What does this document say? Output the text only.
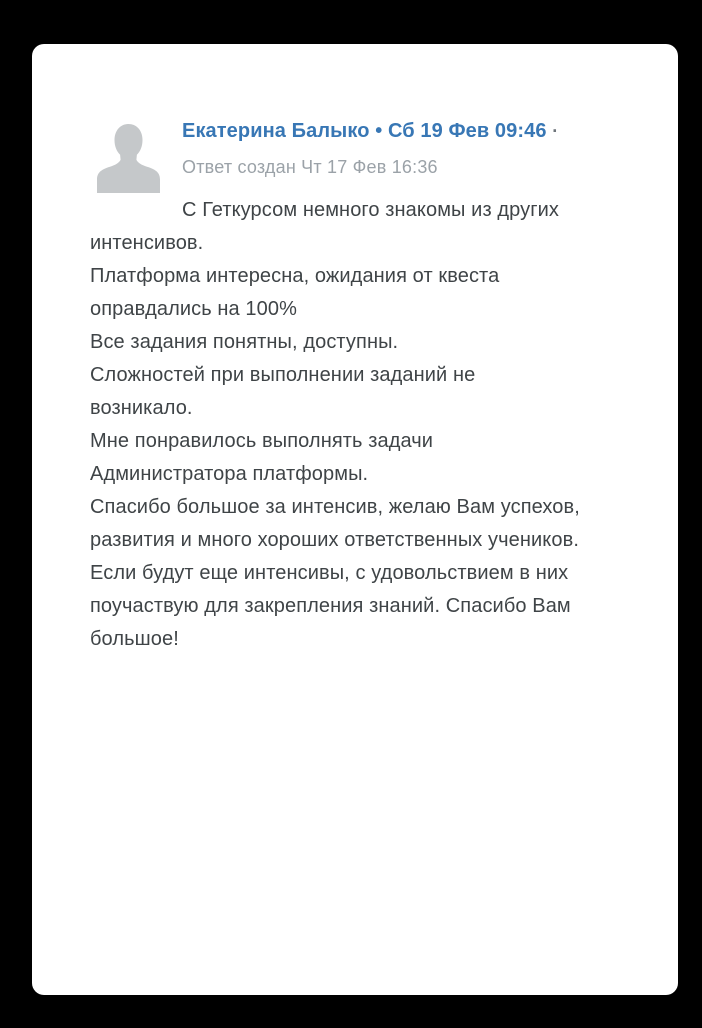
Екатерина Балыко • Сб 19 Фев 09:46 ·
Ответ создан Чт 17 Фев 16:36
С Геткурсом немного знакомы из других
интенсивов.
Платформа интересна, ожидания от квеста
оправдались на 100%
Все задания понятны, доступны.
Сложностей при выполнении заданий не
возникало.
Мне понравилось выполнять задачи
Администратора платформы.
Спасибо большое за интенсив, желаю Вам успехов,
развития и много хороших ответственных учеников.
Если будут еще интенсивы, с удовольствием в них
поучаствую для закрепления знаний. Спасибо Вам
большое!
